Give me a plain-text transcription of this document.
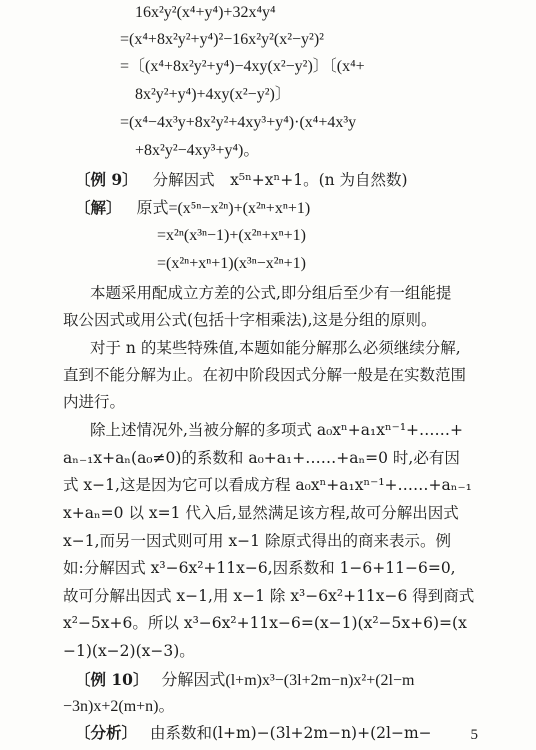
16x²y²(x⁴+y⁴)+32x⁴y⁴
=(x⁴+8x²y²+y⁴)²−16x²y²(x²−y²)²
=〔(x⁴+8x²y²+y⁴)−4xy(x²−y²)〕〔(x⁴+
8x²y²+y⁴)+4xy(x²−y²)〕
=(x⁴−4x³y+8x²y²+4xy³+y⁴)·(x⁴+4x³y
+8x²y²−4xy³+y⁴)。
〔例 9〕 分解因式　x⁵ⁿ+xⁿ+1。(n 为自然数)
〔解〕 原式=(x⁵ⁿ−x²ⁿ)+(x²ⁿ+xⁿ+1)
=x²ⁿ(x³ⁿ−1)+(x²ⁿ+xⁿ+1)
=(x²ⁿ+xⁿ+1)(x³ⁿ−x²ⁿ+1)
本题采用配成立方差的公式,即分组后至少有一组能提
取公因式或用公式(包括十字相乘法),这是分组的原则。
对于 n 的某些特殊值,本题如能分解那么必须继续分解,
直到不能分解为止。在初中阶段因式分解一般是在实数范围
内进行。
除上述情况外,当被分解的多项式 a₀xⁿ+a₁xⁿ⁻¹+……+
aₙ₋₁x+aₙ(a₀≠0)的系数和 a₀+a₁+……+aₙ=0 时,必有因
式 x−1,这是因为它可以看成方程 a₀xⁿ+a₁xⁿ⁻¹+……+aₙ₋₁
x+aₙ=0 以 x=1 代入后,显然满足该方程,故可分解出因式
x−1,而另一因式则可用 x−1 除原式得出的商来表示。例
如:分解因式 x³−6x²+11x−6,因系数和 1−6+11−6=0,
故可分解出因式 x−1,用 x−1 除 x³−6x²+11x−6 得到商式
x²−5x+6。所以 x³−6x²+11x−6=(x−1)(x²−5x+6)=(x
−1)(x−2)(x−3)。
〔例 10〕 分解因式(l+m)x³−(3l+2m−n)x²+(2l−m
−3n)x+2(m+n)。
〔分析〕 由系数和(l+m)−(3l+2m−n)+(2l−m−	5
